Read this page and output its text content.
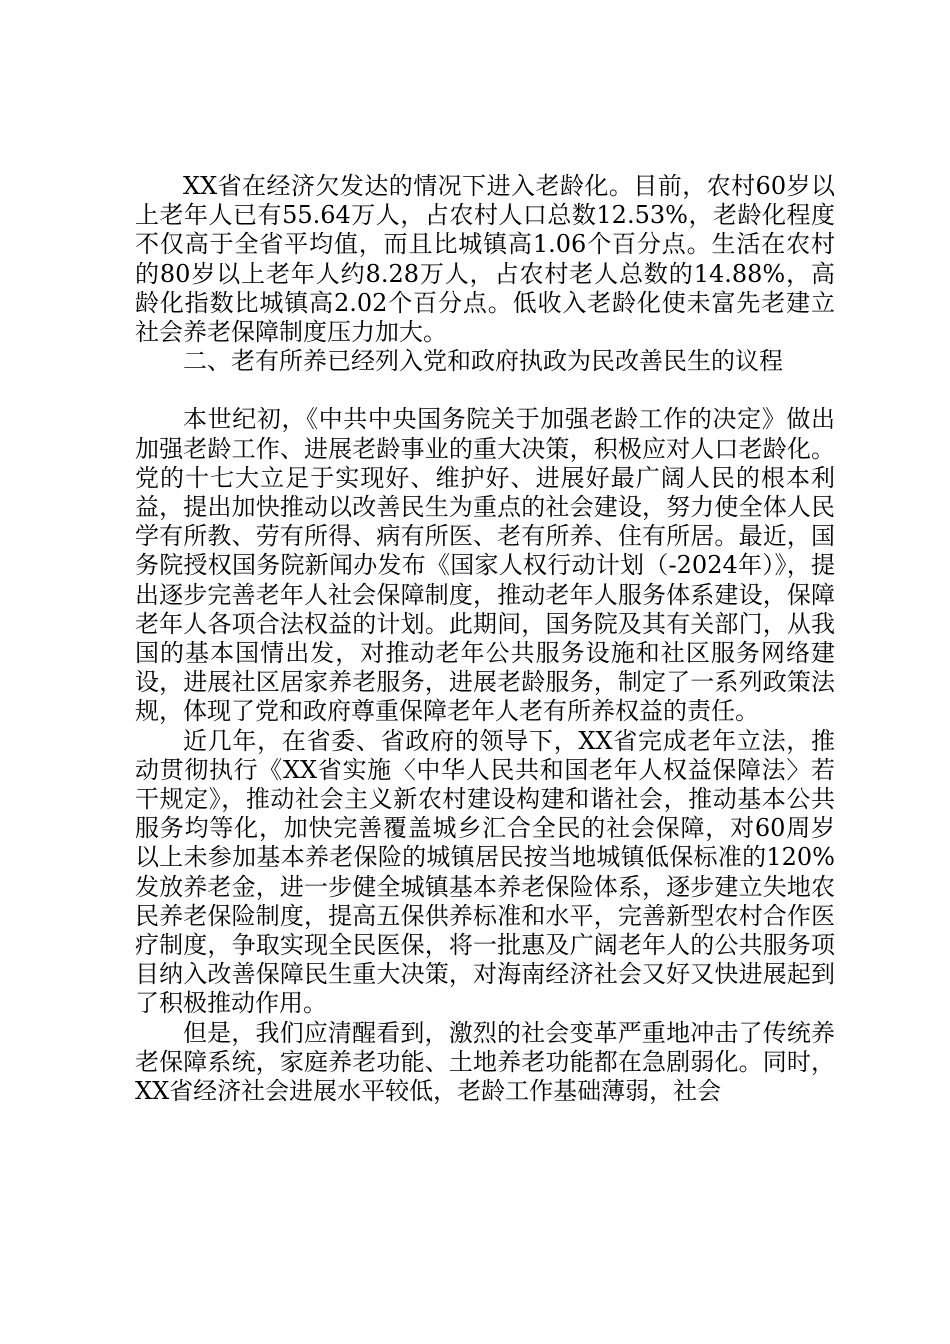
XX省在经济欠发达的情况下进入老龄化。目前，农村60岁以上老年人已有55.64万人，占农村人口总数12.53%，老龄化程度不仅高于全省平均值，而且比城镇高1.06个百分点。生活在农村的80岁以上老年人约8.28万人，占农村老人总数的14.88%，高龄化指数比城镇高2.02个百分点。低收入老龄化使未富先老建立社会养老保障制度压力加大。

二、老有所养已经列入党和政府执政为民改善民生的议程

本世纪初，《中共中央国务院关于加强老龄工作的决定》做出加强老龄工作、进展老龄事业的重大决策，积极应对人口老龄化。党的十七大立足于实现好、维护好、进展好最广阔人民的根本利益，提出加快推动以改善民生为重点的社会建设，努力使全体人民学有所教、劳有所得、病有所医、老有所养、住有所居。最近，国务院授权国务院新闻办发布《国家人权行动计划（-2024年）》，提出逐步完善老年人社会保障制度，推动老年人服务体系建设，保障老年人各项合法权益的计划。此期间，国务院及其有关部门，从我国的基本国情出发，对推动老年公共服务设施和社区服务网络建设，进展社区居家养老服务，进展老龄服务，制定了一系列政策法规，体现了党和政府尊重保障老年人老有所养权益的责任。

近几年，在省委、省政府的领导下，XX省完成老年立法，推动贯彻执行《XX省实施〈中华人民共和国老年人权益保障法〉若干规定》，推动社会主义新农村建设构建和谐社会，推动基本公共服务均等化，加快完善覆盖城乡汇合全民的社会保障，对60周岁以上未参加基本养老保险的城镇居民按当地城镇低保标准的120%发放养老金，进一步健全城镇基本养老保险体系，逐步建立失地农民养老保险制度，提高五保供养标准和水平，完善新型农村合作医疗制度，争取实现全民医保，将一批惠及广阔老年人的公共服务项目纳入改善保障民生重大决策，对海南经济社会又好又快进展起到了积极推动作用。

但是，我们应清醒看到，激烈的社会变革严重地冲击了传统养老保障系统，家庭养老功能、土地养老功能都在急剧弱化。同时，XX省经济社会进展水平较低，老龄工作基础薄弱，社会
